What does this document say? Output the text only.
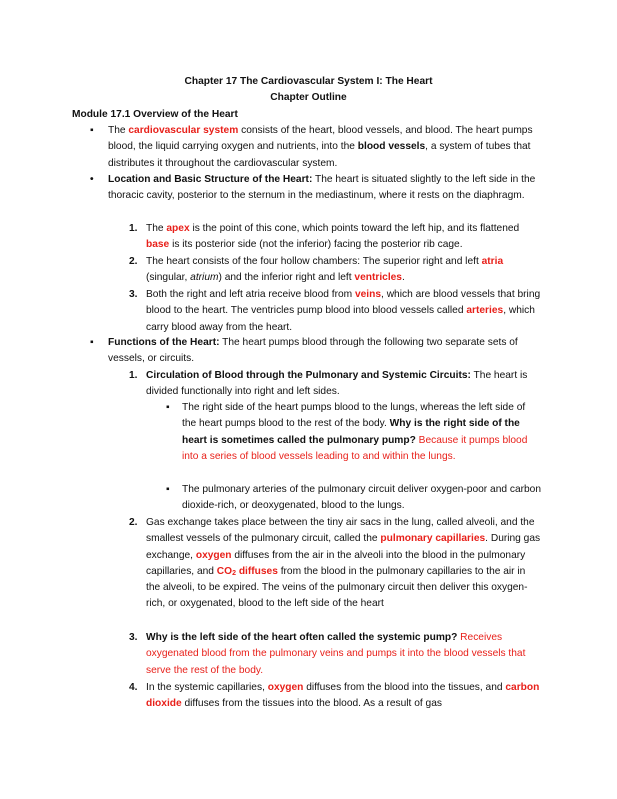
Chapter 17 The Cardiovascular System I: The Heart
Chapter Outline
Module 17.1 Overview of the Heart
▪ The cardiovascular system consists of the heart, blood vessels, and blood. The heart pumps blood, the liquid carrying oxygen and nutrients, into the blood vessels, a system of tubes that distributes it throughout the cardiovascular system.

• Location and Basic Structure of the Heart: The heart is situated slightly to the left side in the thoracic cavity, posterior to the sternum in the mediastinum, where it rests on the diaphragm.

1. The apex is the point of this cone, which points toward the left hip, and its flattened base is its posterior side (not the inferior) facing the posterior rib cage.

2. The heart consists of the four hollow chambers: The superior right and left atria (singular, atrium) and the inferior right and left ventricles.

3. Both the right and left atria receive blood from veins, which are blood vessels that bring blood to the heart. The ventricles pump blood into blood vessels called arteries, which carry blood away from the heart.

▪ Functions of the Heart: The heart pumps blood through the following two separate sets of vessels, or circuits.

1. Circulation of Blood through the Pulmonary and Systemic Circuits: The heart is divided functionally into right and left sides.

▪ The right side of the heart pumps blood to the lungs, whereas the left side of the heart pumps blood to the rest of the body. Why is the right side of the heart is sometimes called the pulmonary pump? Because it pumps blood into a series of blood vessels leading to and within the lungs.

▪ The pulmonary arteries of the pulmonary circuit deliver oxygen-poor and carbon dioxide-rich, or deoxygenated, blood to the lungs.

2. Gas exchange takes place between the tiny air sacs in the lung, called alveoli, and the smallest vessels of the pulmonary circuit, called the pulmonary capillaries. During gas exchange, oxygen diffuses from the air in the alveoli into the blood in the pulmonary capillaries, and $CO_2$ diffuses from the blood in the pulmonary capillaries to the air in the alveoli, to be expired. The veins of the pulmonary circuit then deliver this oxygen-rich, or oxygenated, blood to the left side of the heart

3. Why is the left side of the heart often called the systemic pump? Receives oxygenated blood from the pulmonary veins and pumps it into the blood vessels that serve the rest of the body.

4. In the systemic capillaries, oxygen diffuses from the blood into the tissues, and carbon dioxide diffuses from the tissues into the blood. As a result of gas
